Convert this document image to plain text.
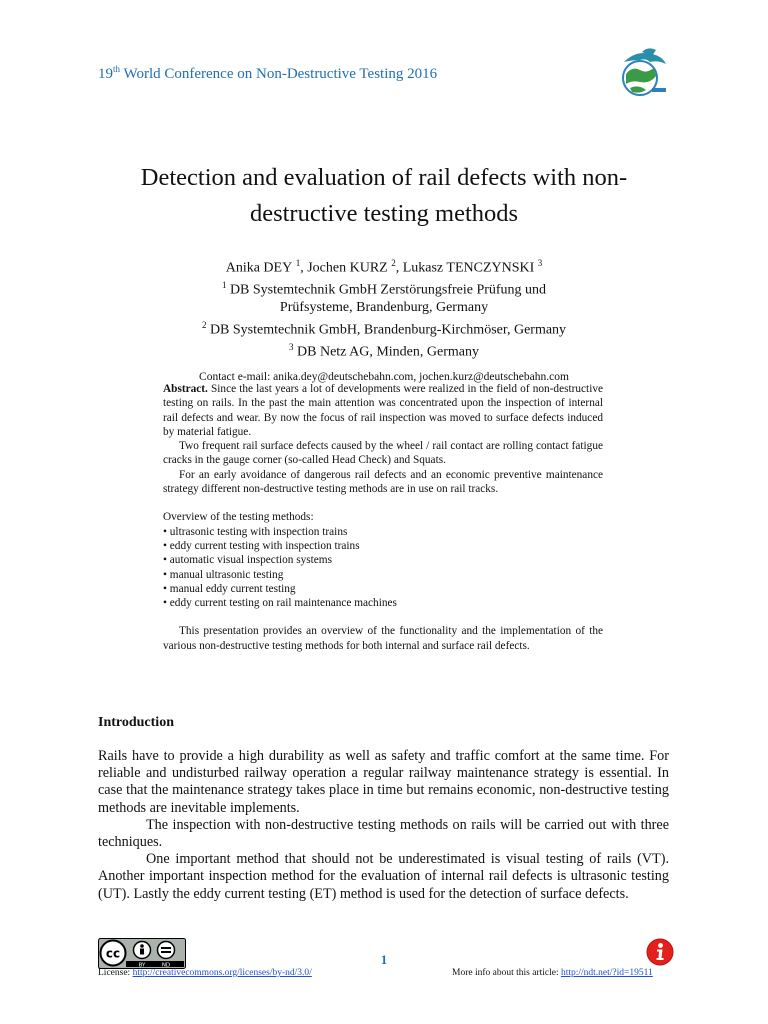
19th World Conference on Non-Destructive Testing 2016
Detection and evaluation of rail defects with non-
destructive testing methods
Anika DEY $^1$, Jochen KURZ $^2$, Lukasz TENCZYNSKI $^3$
$^1$ DB Systemtechnik GmbH Zerstörungsfreie Prüfung und
Prüfsysteme, Brandenburg, Germany
$^2$ DB Systemtechnik GmbH, Brandenburg-Kirchmöser, Germany
$^3$ DB Netz AG, Minden, Germany
Contact e-mail: anika.dey@deutschebahn.com, jochen.kurz@deutschebahn.com

Abstract. Since the last years a lot of developments were realized in the field of non-destructive testing on rails. In the past the main attention was concentrated upon the inspection of internal rail defects and wear. By now the focus of rail inspection was moved to surface defects induced by material fatigue.

Two frequent rail surface defects caused by the wheel / rail contact are rolling contact fatigue cracks in the gauge corner (so-called Head Check) and Squats.

For an early avoidance of dangerous rail defects and an economic preventive maintenance strategy different non-destructive testing methods are in use on rail tracks.

Overview of the testing methods:

• ultrasonic testing with inspection trains
• eddy current testing with inspection trains
• automatic visual inspection systems
• manual ultrasonic testing
• manual eddy current testing
• eddy current testing on rail maintenance machines

This presentation provides an overview of the functionality and the implementation of the various non-destructive testing methods for both internal and surface rail defects.

Introduction

Rails have to provide a high durability as well as safety and traffic comfort at the same time. For reliable and undisturbed railway operation a regular railway maintenance strategy is essential. In case that the maintenance strategy takes place in time but remains economic, non-destructive testing methods are inevitable implements.

The inspection with non-destructive testing methods on rails will be carried out with three techniques.

One important method that should not be underestimated is visual testing of rails (VT). Another important inspection method for the evaluation of internal rail defects is ultrasonic testing (UT). Lastly the eddy current testing (ET) method is used for the detection of surface defects.

cc
BY	ND	1
License: http://creativecommons.org/licenses/by-nd/3.0/	More info about this article: http://ndt.net/?id=19511
